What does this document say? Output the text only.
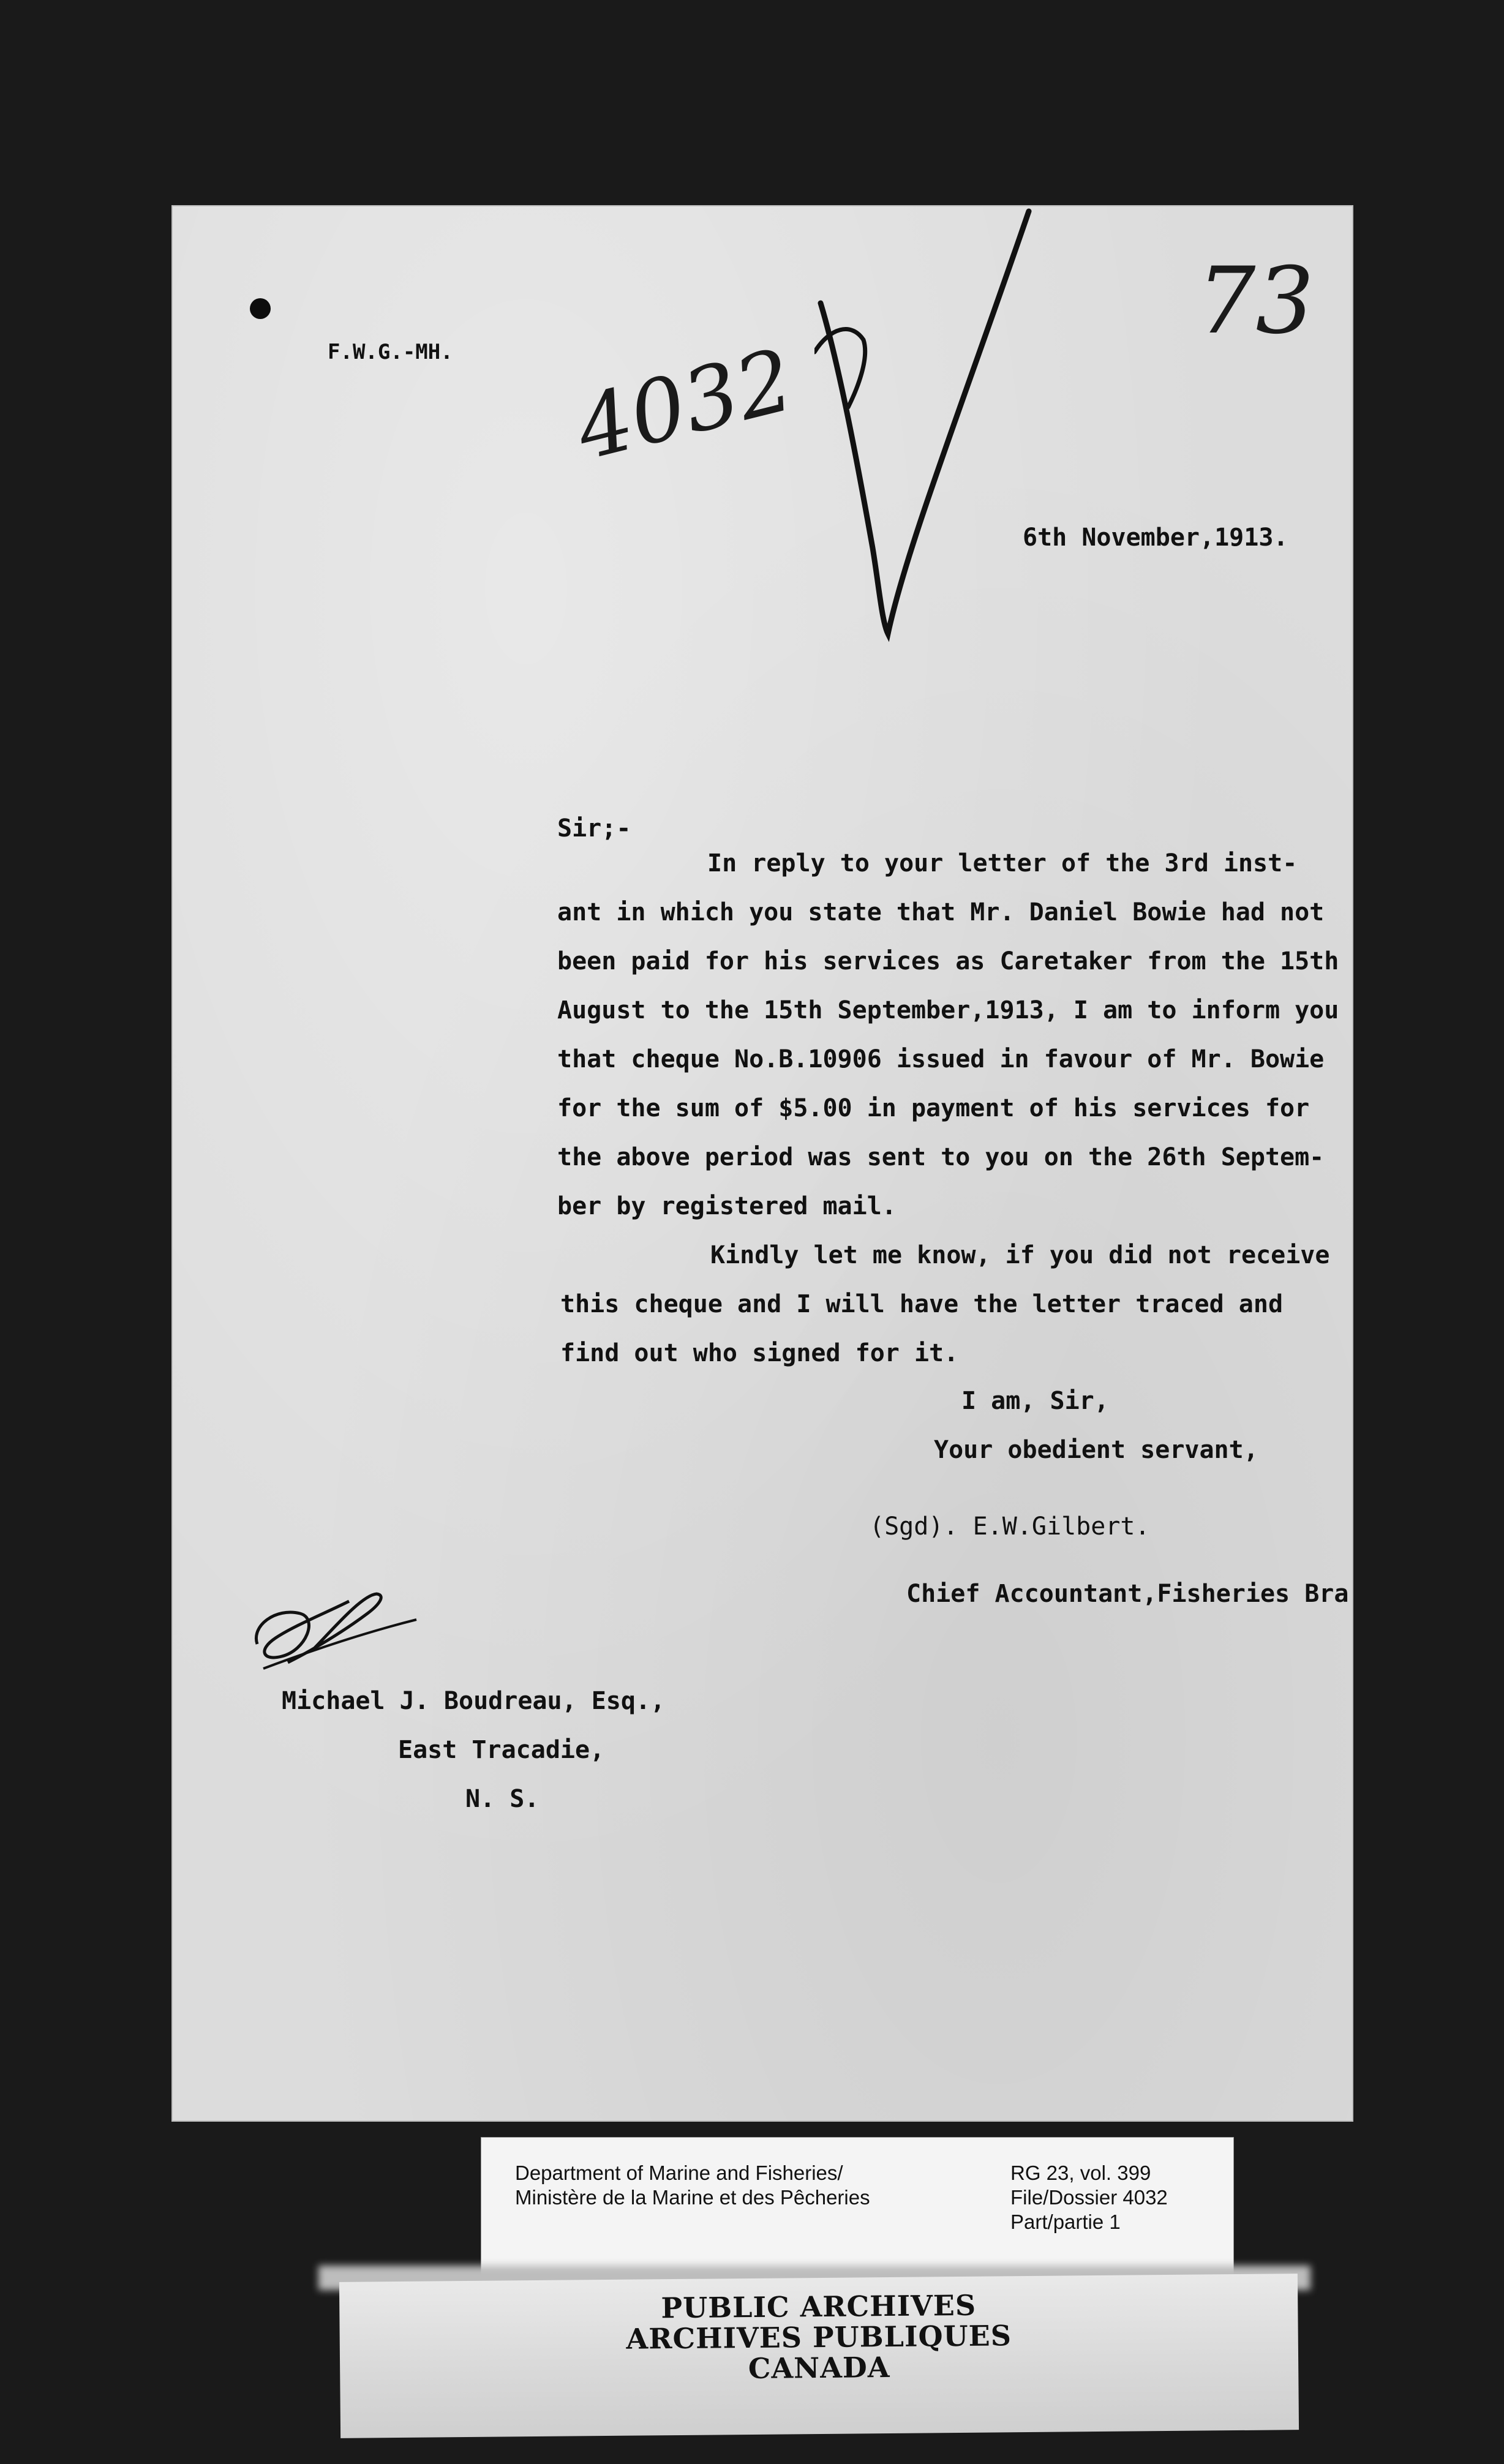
F.W.G.-MH. 4032
73
6th November,1913.
Sir;-
In reply to your letter of the 3rd inst-
ant in which you state that Mr. Daniel Bowie had not
been paid for his services as Caretaker from the 15th
August to the 15th September,1913, I am to inform you
that cheque No.B.10906 issued in favour of Mr. Bowie
for the sum of $5.00 in payment of his services for
the above period was sent to you on the 26th Septem-
ber by registered mail.
Kindly let me know, if you did not receive
this cheque and I will have the letter traced and
find out who signed for it.
I am, Sir,
Your obedient servant,
(Sgd). E.W.Gilbert.
Chief Accountant,Fisheries Bra
Michael J. Boudreau, Esq.,
East Tracadie,
N. S.
Department of Marine and Fisheries/
Ministère de la Marine et des Pêcheries
RG 23, vol. 399
File/Dossier 4032
Part/partie 1
PUBLIC ARCHIVES
ARCHIVES PUBLIQUES
CANADA
